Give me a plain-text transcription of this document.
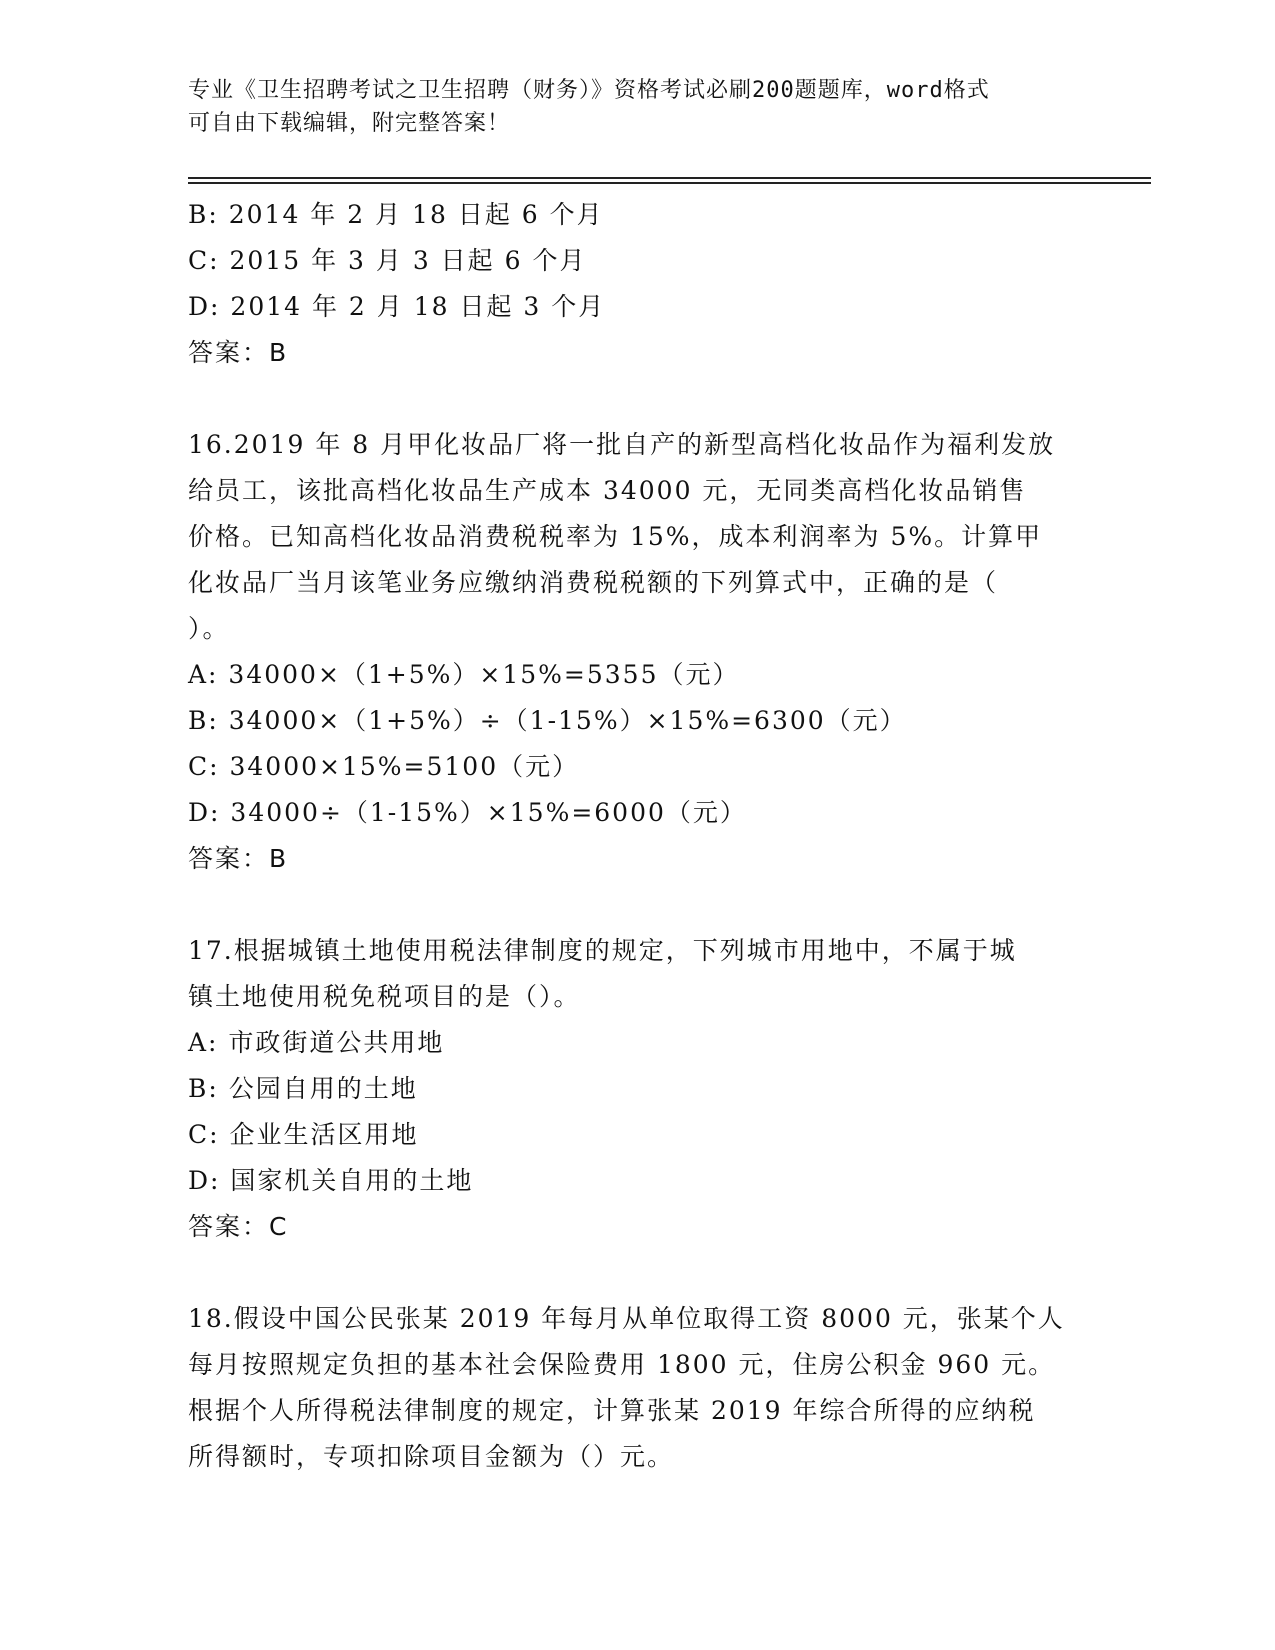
专业《卫生招聘考试之卫生招聘（财务）》资格考试必刷200题题库，word格式
可自由下载编辑，附完整答案！
B: 2014 年 2 月 18 日起 6 个月
C: 2015 年 3 月 3 日起 6 个月
D: 2014 年 2 月 18 日起 3 个月
答案：B
16.2019 年 8 月甲化妆品厂将一批自产的新型高档化妆品作为福利发放
给员工，该批高档化妆品生产成本 34000 元，无同类高档化妆品销售
价格。已知高档化妆品消费税税率为 15%，成本利润率为 5%。计算甲
化妆品厂当月该笔业务应缴纳消费税税额的下列算式中，正确的是（
）。
A: 34000×（1+5%）×15%=5355（元）
B: 34000×（1+5%）÷（1-15%）×15%=6300（元）
C: 34000×15%=5100（元）
D: 34000÷（1-15%）×15%=6000（元）
答案：B
17.根据城镇土地使用税法律制度的规定，下列城市用地中，不属于城
镇土地使用税免税项目的是（）。
A: 市政街道公共用地
B: 公园自用的土地
C: 企业生活区用地
D: 国家机关自用的土地
答案：C
18.假设中国公民张某 2019 年每月从单位取得工资 8000 元，张某个人
每月按照规定负担的基本社会保险费用 1800 元，住房公积金 960 元。
根据个人所得税法律制度的规定，计算张某 2019 年综合所得的应纳税
所得额时，专项扣除项目金额为（）元。
